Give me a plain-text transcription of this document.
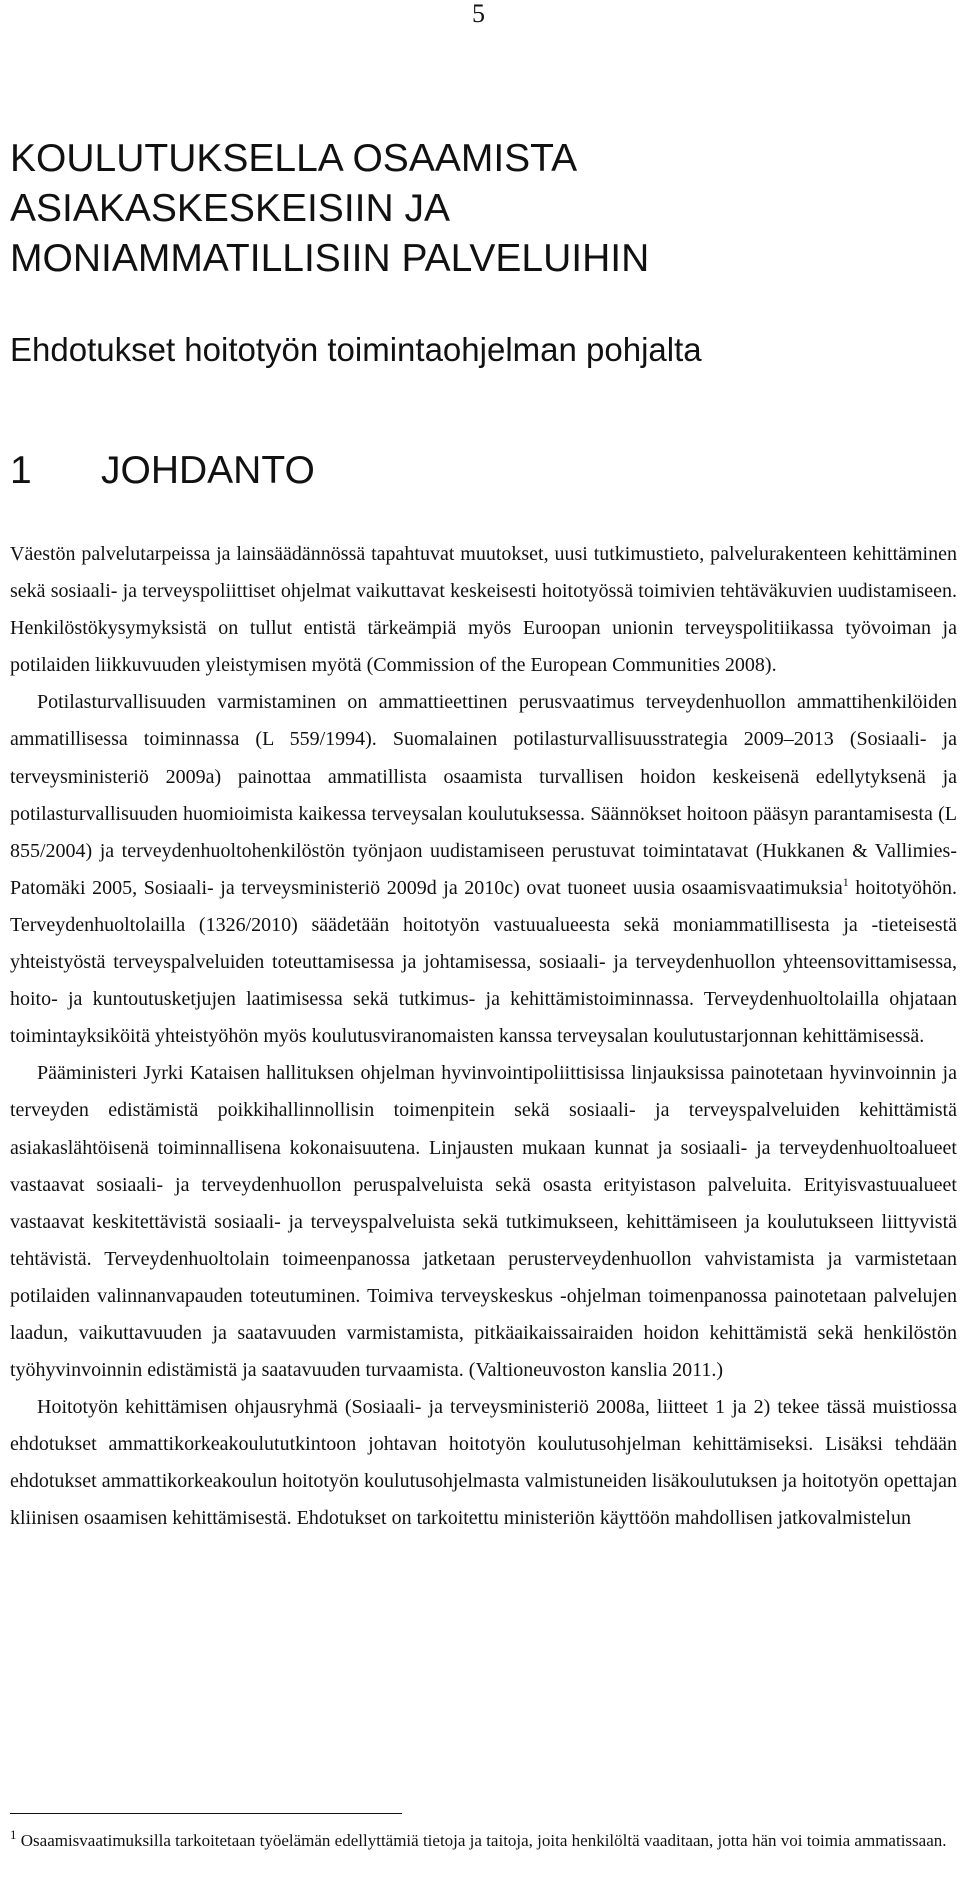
5
KOULUTUKSELLA OSAAMISTA
ASIAKASKESKEISIIN JA
MONIAMMATILLISIIN PALVELUIHIN
Ehdotukset hoitotyön toimintaohjelman pohjalta
1 JOHDANTO

Väestön palvelutarpeissa ja lainsäädännössä tapahtuvat muutokset, uusi tutkimustieto, palvelurakenteen kehittäminen sekä sosiaali- ja terveyspoliittiset ohjelmat vaikuttavat keskeisesti hoitotyössä toimivien tehtäväkuvien uudistamiseen. Henkilöstökysymyksistä on tullut entistä tärkeämpiä myös Euroopan unionin terveyspolitiikassa työvoiman ja potilaiden liikkuvuuden yleistymisen myötä (Commission of the European Communities 2008).

Potilasturvallisuuden varmistaminen on ammattieettinen perusvaatimus terveydenhuollon ammattihenkilöiden ammatillisessa toiminnassa (L 559/1994). Suomalainen potilasturvallisuusstrategia 2009–2013 (Sosiaali- ja terveysministeriö 2009a) painottaa ammatillista osaamista turvallisen hoidon keskeisenä edellytyksenä ja potilasturvallisuuden huomioimista kaikessa terveysalan koulutuksessa. Säännökset hoitoon pääsyn parantamisesta (L 855/2004) ja terveydenhuoltohenkilöstön työnjaon uudistamiseen perustuvat toimintatavat (Hukkanen & Vallimies-Patomäki 2005, Sosiaali- ja terveysministeriö 2009d ja 2010c) ovat tuoneet uusia osaamisvaatimuksia$^1$ hoitotyöhön. Terveydenhuoltolailla (1326/2010) säädetään hoitotyön vastuualueesta sekä moniammatillisesta ja -tieteisestä yhteistyöstä terveyspalveluiden toteuttamisessa ja johtamisessa, sosiaali- ja terveydenhuollon yhteensovittamisessa, hoito- ja kuntoutusketjujen laatimisessa sekä tutkimus- ja kehittämistoiminnassa. Terveydenhuoltolailla ohjataan toimintayksiköitä yhteistyöhön myös koulutusviranomaisten kanssa terveysalan koulutustarjonnan kehittämisessä.

Pääministeri Jyrki Kataisen hallituksen ohjelman hyvinvointipoliittisissa linjauksissa painotetaan hyvinvoinnin ja terveyden edistämistä poikkihallinnollisin toimenpitein sekä sosiaali- ja terveyspalveluiden kehittämistä asiakaslähtöisenä toiminnallisena kokonaisuutena. Linjausten mukaan kunnat ja sosiaali- ja terveydenhuoltoalueet vastaavat sosiaali- ja terveydenhuollon peruspalveluista sekä osasta erityistason palveluita. Erityisvastuualueet vastaavat keskitettävistä sosiaali- ja terveyspalveluista sekä tutkimukseen, kehittämiseen ja koulutukseen liittyvistä tehtävistä. Terveydenhuoltolain toimeenpanossa jatketaan perusterveydenhuollon vahvistamista ja varmistetaan potilaiden valinnanvapauden toteutuminen. Toimiva terveyskeskus -ohjelman toimenpanossa painotetaan palvelujen laadun, vaikuttavuuden ja saatavuuden varmistamista, pitkäaikaissairaiden hoidon kehittämistä sekä henkilöstön työhyvinvoinnin edistämistä ja saatavuuden turvaamista. (Valtioneuvoston kanslia 2011.)

Hoitotyön kehittämisen ohjausryhmä (Sosiaali- ja terveysministeriö 2008a, liitteet 1 ja 2) tekee tässä muistiossa ehdotukset ammattikorkeakoulututkintoon johtavan hoitotyön koulutusohjelman kehittämiseksi. Lisäksi tehdään ehdotukset ammattikorkeakoulun hoitotyön koulutusohjelmasta valmistuneiden lisäkoulutuksen ja hoitotyön opettajan kliinisen osaamisen kehittämisestä. Ehdotukset on tarkoitettu ministeriön käyttöön mahdollisen jatkovalmistelun

$^1$ Osaamisvaatimuksilla tarkoitetaan työelämän edellyttämiä tietoja ja taitoja, joita henkilöltä vaaditaan, jotta hän voi toimia ammatissaan.
